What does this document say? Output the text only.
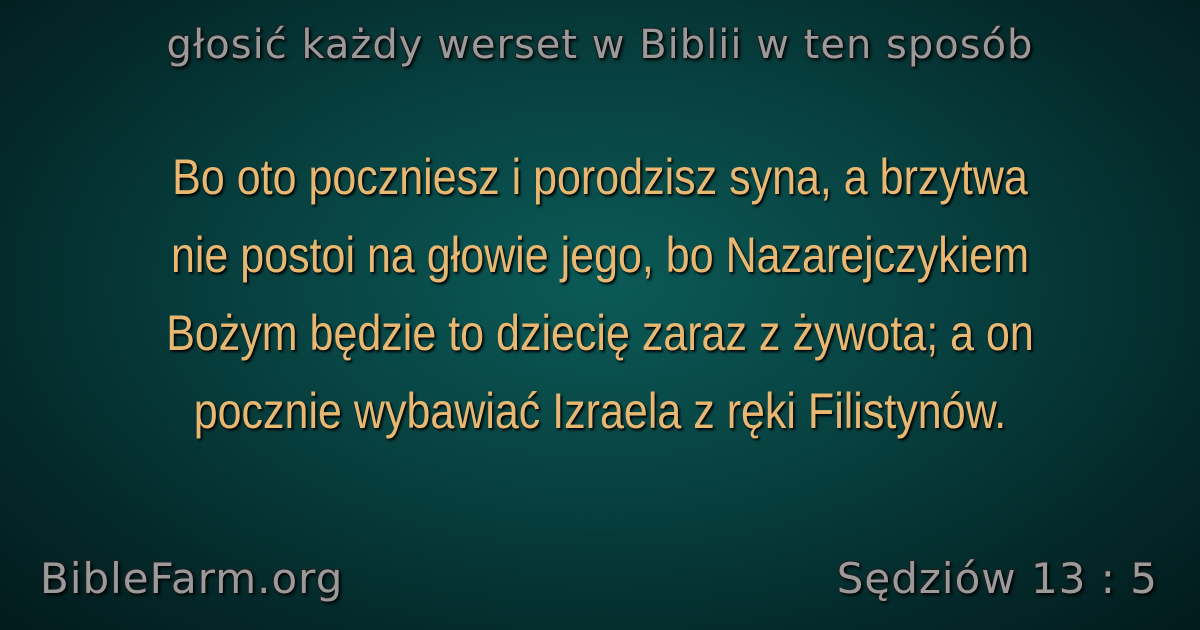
głosić każdy werset w Biblii w ten sposób
Bo oto poczniesz i porodzisz syna, a brzytwa
nie postoi na głowie jego, bo Nazarejczykiem
Bożym będzie to dziecię zaraz z żywota; a on
pocznie wybawiać Izraela z ręki Filistynów.
BibleFarm.org	Sędziów 13 : 5
